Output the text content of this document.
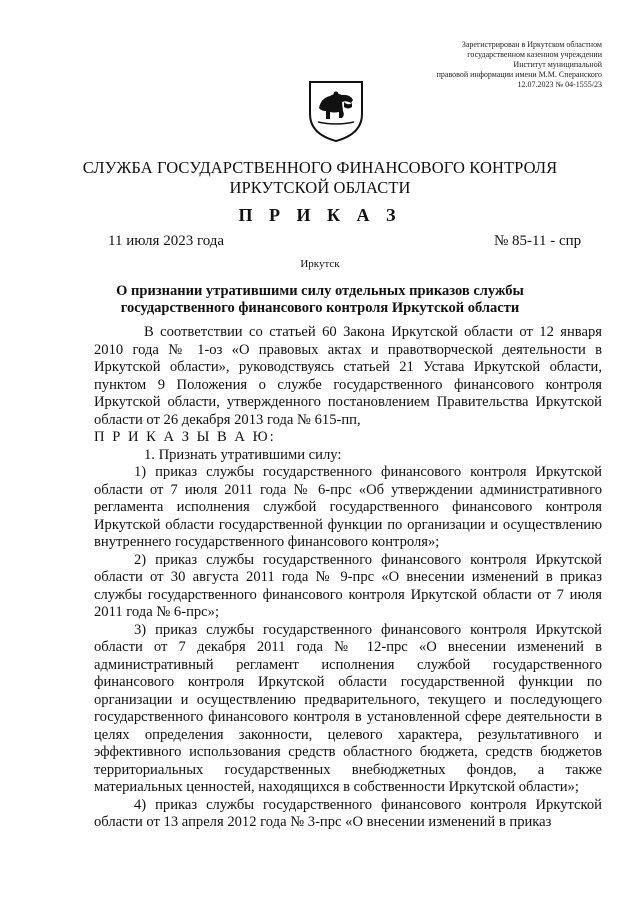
Зарегистрирован в Иркутском областном
государственном казенном учреждении
Институт муниципальной
правовой информации имени М.М. Сперанского
12.07.2023 № 04-1555/23
СЛУЖБА ГОСУДАРСТВЕННОГО ФИНАНСОВОГО КОНТРОЛЯ
ИРКУТСКОЙ ОБЛАСТИ
П Р И К А З
11 июля 2023 года	№ 85-11 - спр
Иркутск
О признании утратившими силу отдельных приказов службы
государственного финансового контроля Иркутской области

В соответствии со статьей 60 Закона Иркутской области от 12 января 2010 года № 1-оз «О правовых актах и правотворческой деятельности в Иркутской области», руководствуясь статьей 21 Устава Иркутской области, пунктом 9 Положения о службе государственного финансового контроля Иркутской области, утвержденного постановлением Правительства Иркутской области от 26 декабря 2013 года № 615-пп,

П Р И К А З Ы В А Ю:

1. Признать утратившими силу:

1) приказ службы государственного финансового контроля Иркутской области от 7 июля 2011 года № 6-прс «Об утверждении административного регламента исполнения службой государственного финансового контроля Иркутской области государственной функции по организации и осуществлению внутреннего государственного финансового контроля»;

2) приказ службы государственного финансового контроля Иркутской области от 30 августа 2011 года № 9-прс «О внесении изменений в приказ службы государственного финансового контроля Иркутской области от 7 июля 2011 года № 6-прс»;

3) приказ службы государственного финансового контроля Иркутской области от 7 декабря 2011 года № 12-прс «О внесении изменений в административный регламент исполнения службой государственного финансового контроля Иркутской области государственной функции по организации и осуществлению предварительного, текущего и последующего государственного финансового контроля в установленной сфере деятельности в целях определения законности, целевого характера, результативного и эффективного использования средств областного бюджета, средств бюджетов территориальных государственных внебюджетных фондов, а также материальных ценностей, находящихся в собственности Иркутской области»;

4) приказ службы государственного финансового контроля Иркутской области от 13 апреля 2012 года № 3-прс «О внесении изменений в приказ
